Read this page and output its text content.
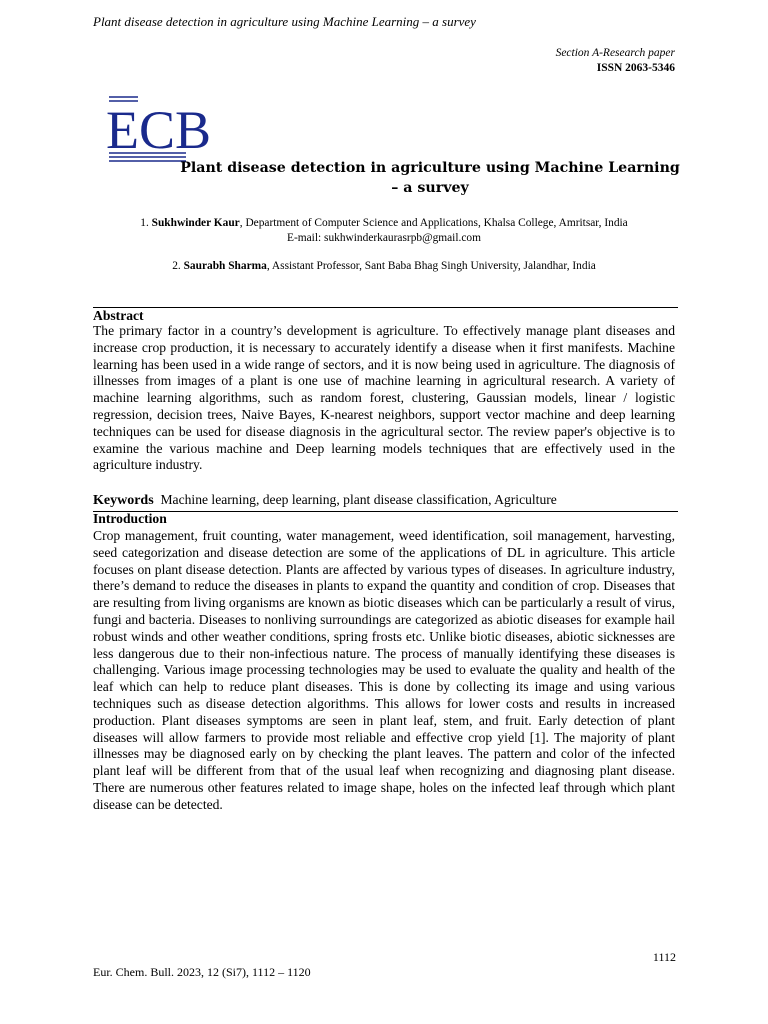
Plant disease detection in agriculture using Machine Learning – a survey
Section A-Research paper
ISSN 2063-5346
ECB
Plant disease detection in agriculture using Machine Learning
– a survey
1. Sukhwinder Kaur, Department of Computer Science and Applications, Khalsa College, Amritsar, India
E-mail: sukhwinderkaurasrpb@gmail.com
2. Saurabh Sharma, Assistant Professor, Sant Baba Bhag Singh University, Jalandhar, India
Abstract
The primary factor in a country’s development is agriculture. To effectively manage plant diseases and increase crop production, it is necessary to accurately identify a disease when it first manifests. Machine learning has been used in a wide range of sectors, and it is now being used in agriculture. The diagnosis of illnesses from images of a plant is one use of machine learning in agricultural research. A variety of machine learning algorithms, such as random forest, clustering, Gaussian models, linear / logistic regression, decision trees, Naive Bayes, K-nearest neighbors, support vector machine and deep learning techniques can be used for disease diagnosis in the agricultural sector. The review paper's objective is to examine the various machine and Deep learning models techniques that are effectively used in the agriculture industry.
Keywords  Machine learning, deep learning, plant disease classification, Agriculture
Introduction
Crop management, fruit counting, water management, weed identification, soil management, harvesting, seed categorization and disease detection are some of the applications of DL in agriculture. This article focuses on plant disease detection. Plants are affected by various types of diseases. In agriculture industry, there’s demand to reduce the diseases in plants to expand the quantity and condition of crop. Diseases that are resulting from living organisms are known as biotic diseases which can be particularly a result of virus, fungi and bacteria. Diseases to nonliving surroundings are categorized as abiotic diseases for example hail robust winds and other weather conditions, spring frosts etc. Unlike biotic diseases, abiotic sicknesses are less dangerous due to their non-infectious nature. The process of manually identifying these diseases is challenging. Various image processing technologies may be used to evaluate the quality and health of the leaf which can help to reduce plant diseases. This is done by collecting its image and using various techniques such as disease detection algorithms. This allows for lower costs and results in increased production. Plant diseases symptoms are seen in plant leaf, stem, and fruit. Early detection of plant diseases will allow farmers to provide most reliable and effective crop yield [1]. The majority of plant illnesses may be diagnosed early on by checking the plant leaves. The pattern and color of the infected plant leaf will be different from that of the usual leaf when recognizing and diagnosing plant disease. There are numerous other features related to image shape, holes on the infected leaf through which plant disease can be detected.
1112
Eur. Chem. Bull. 2023, 12 (Si7), 1112 – 1120
